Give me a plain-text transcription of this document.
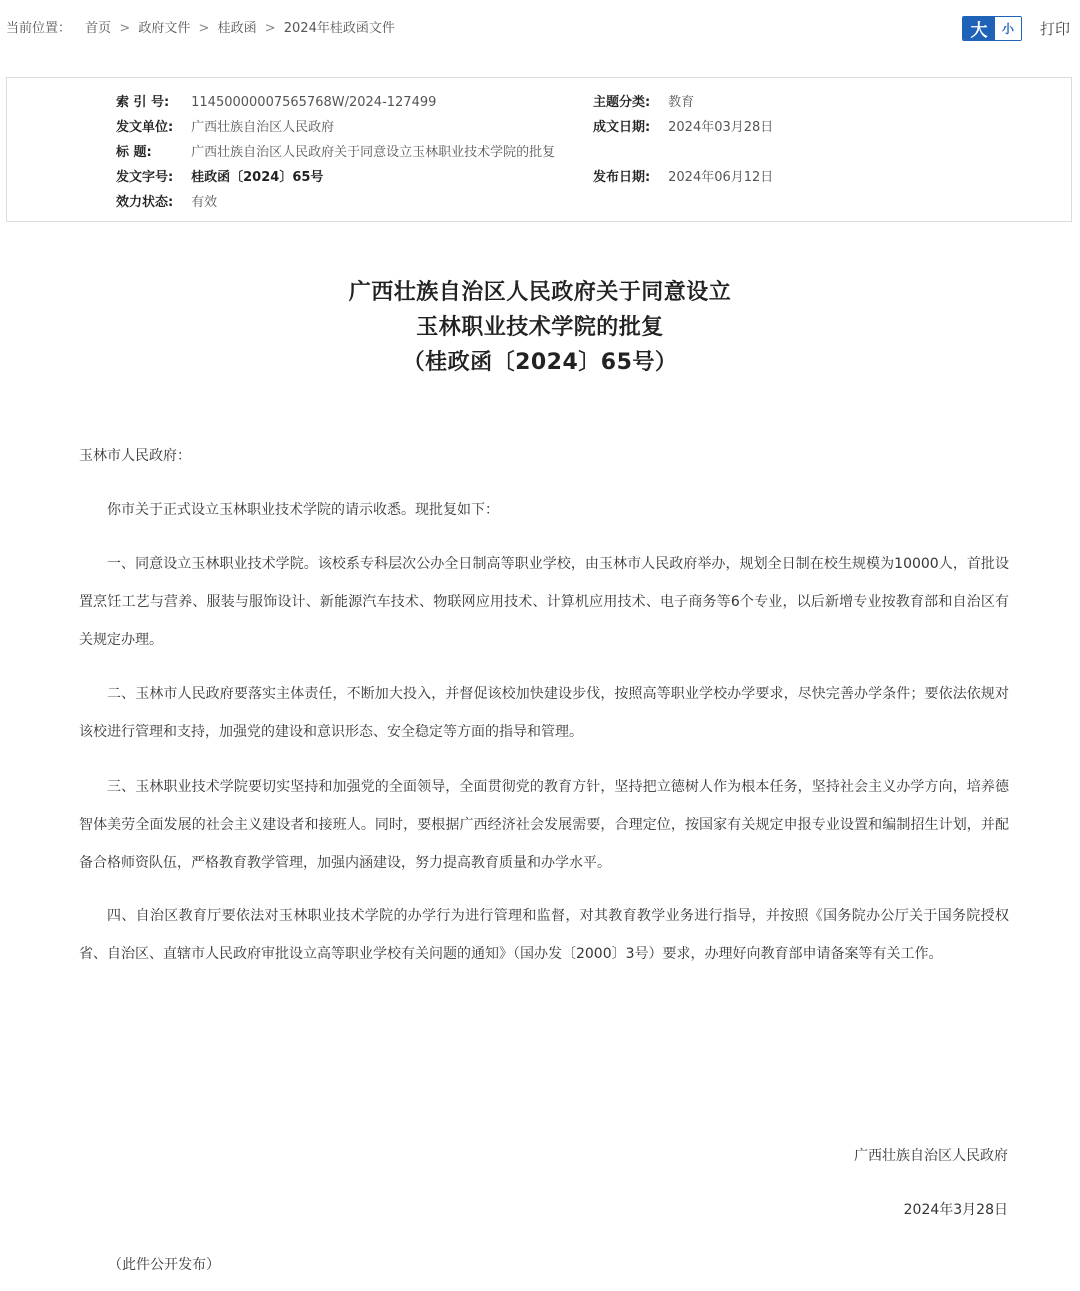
当前位置： 首页 > 政府文件 > 桂政函 > 2024年桂政函文件	大	小	打印
索 引 号: 11450000007565768W/2024-127499	主题分类: 教育
发文单位: 广西壮族自治区人民政府	成文日期: 2024年03月28日
标 题:	广西壮族自治区人民政府关于同意设立玉林职业技术学院的批复
发文字号: 桂政函〔2024〕65号	发布日期: 2024年06月12日
效力状态: 有效
广西壮族自治区人民政府关于同意设立
玉林职业技术学院的批复
（桂政函〔2024〕65号）
玉林市人民政府：

你市关于正式设立玉林职业技术学院的请示收悉。现批复如下：

一、同意设立玉林职业技术学院。该校系专科层次公办全日制高等职业学校，由玉林市人民政府举办，规划全日制在校生规模为10000人，首批设置烹饪工艺与营养、服装与服饰设计、新能源汽车技术、物联网应用技术、计算机应用技术、电子商务等6个专业，以后新增专业按教育部和自治区有关规定办理。

二、玉林市人民政府要落实主体责任，不断加大投入，并督促该校加快建设步伐，按照高等职业学校办学要求，尽快完善办学条件；要依法依规对该校进行管理和支持，加强党的建设和意识形态、安全稳定等方面的指导和管理。

三、玉林职业技术学院要切实坚持和加强党的全面领导，全面贯彻党的教育方针，坚持把立德树人作为根本任务，坚持社会主义办学方向，培养德智体美劳全面发展的社会主义建设者和接班人。同时，要根据广西经济社会发展需要，合理定位，按国家有关规定申报专业设置和编制招生计划，并配备合格师资队伍，严格教育教学管理，加强内涵建设，努力提高教育质量和办学水平。

四、自治区教育厅要依法对玉林职业技术学院的办学行为进行管理和监督，对其教育教学业务进行指导，并按照《国务院办公厅关于国务院授权省、自治区、直辖市人民政府审批设立高等职业学校有关问题的通知》（国办发〔2000〕3号）要求，办理好向教育部申请备案等有关工作。

广西壮族自治区人民政府
2024年3月28日
（此件公开发布）
